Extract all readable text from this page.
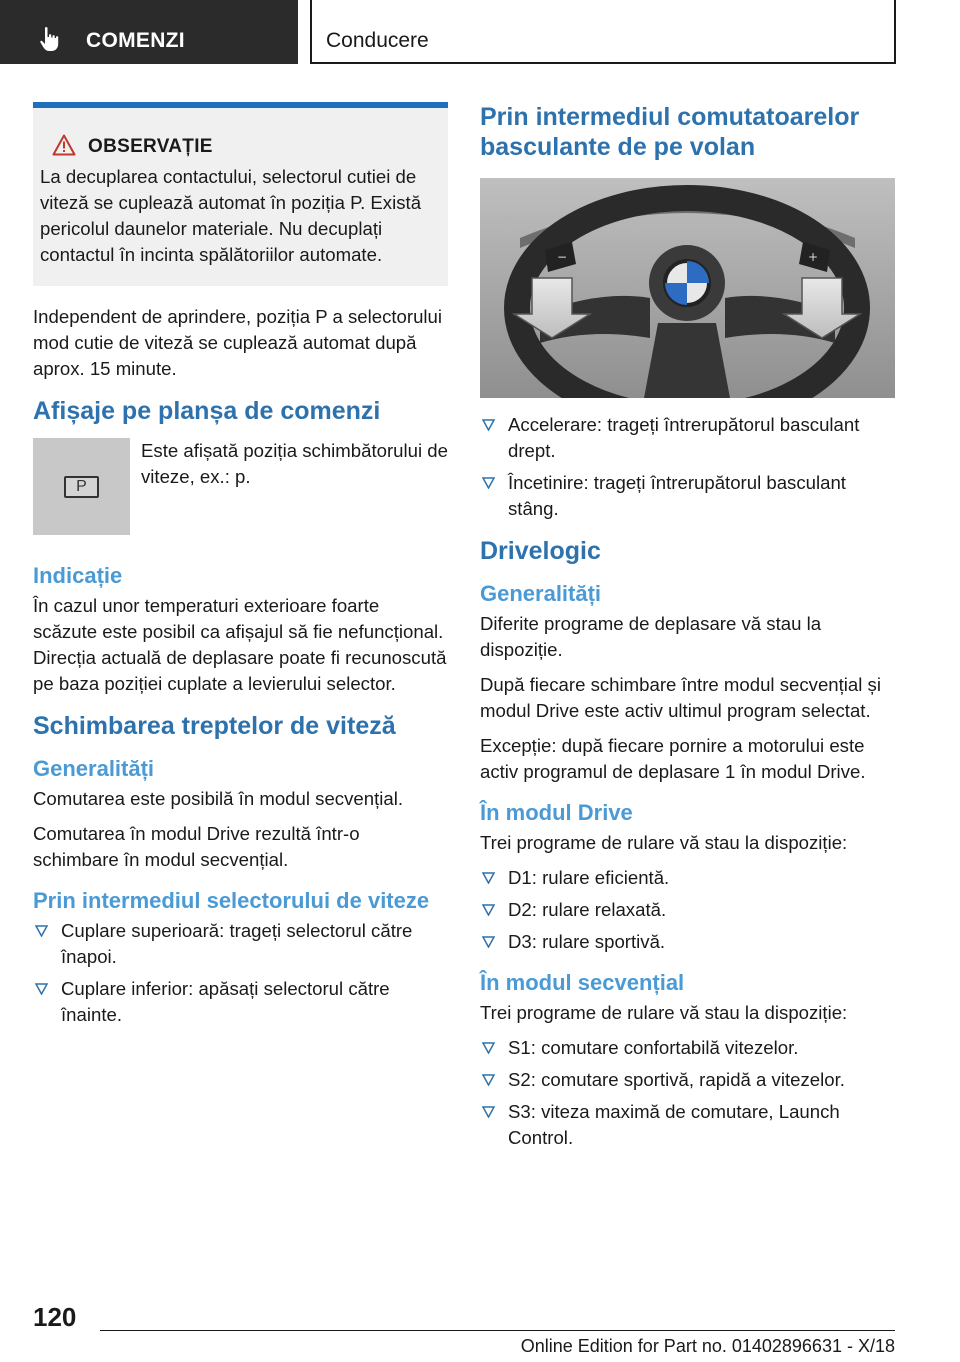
COMENZI	Conducere
OBSERVAȚIE

La decuplarea contactului, selectorul cutiei de viteză se cuplează automat în poziția P. Există pericolul daunelor materiale. Nu decuplați contactul în incinta spălătoriilor automate.

Independent de aprindere, poziția P a selectorului mod cutie de viteză se cuplează automat după aprox. 15 minute.

Afișaje pe planșa de comenzi
P

Este afișată poziția schimbătorului de viteze, ex.: p.

Indicație

În cazul unor temperaturi exterioare foarte scăzute este posibil ca afișajul să fie nefuncțional. Direcția actuală de deplasare poate fi recunoscută pe baza poziției cuplate a levierului selector.

Schimbarea treptelor de viteză
Generalități

Comutarea este posibilă în modul secvențial.

Comutarea în modul Drive rezultă într-o schimbare în modul secvențial.

Prin intermediul selectorului de viteze
Cuplare superioară: trageți selectorul către înapoi.
Cuplare inferior: apăsați selectorul către înainte.
Prin intermediul comutatoarelor basculante de pe volan
−	+
Accelerare: trageți întrerupătorul basculant drept.
Încetinire: trageți întrerupătorul basculant stâng.
Drivelogic
Generalități

Diferite programe de deplasare vă stau la dispoziție.

După fiecare schimbare între modul secvențial și modul Drive este activ ultimul program selectat.

Excepție: după fiecare pornire a motorului este activ programul de deplasare 1 în modul Drive.

În modul Drive

Trei programe de rulare vă stau la dispoziție:

D1: rulare eficientă.
D2: rulare relaxată.
D3: rulare sportivă.
În modul secvențial

Trei programe de rulare vă stau la dispoziție:

S1: comutare confortabilă vitezelor.
S2: comutare sportivă, rapidă a vitezelor.
S3: viteza maximă de comutare, Launch Control.
120
Online Edition for Part no. 01402896631 - X/18
